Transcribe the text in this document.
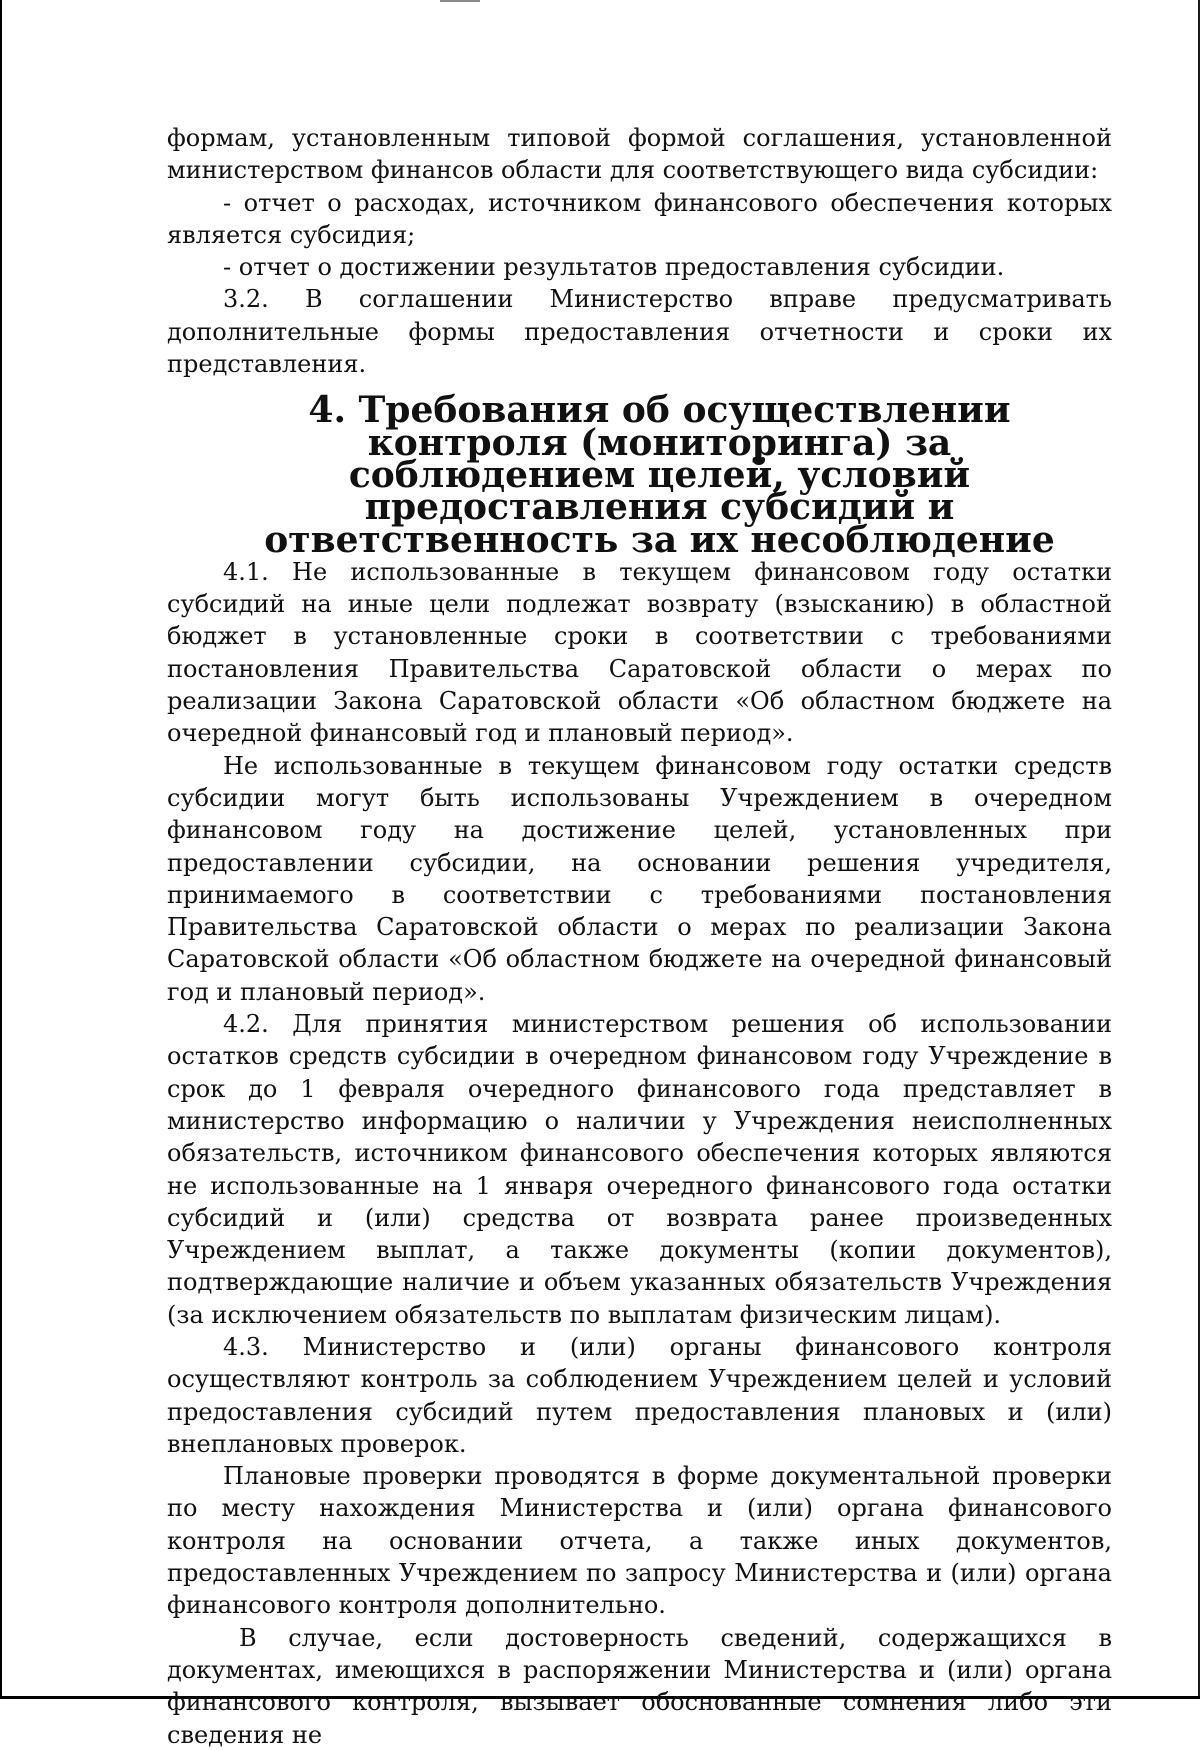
формам, установленным типовой формой соглашения, установленной министерством финансов области для соответствующего вида субсидии:

- отчет о расходах, источником финансового обеспечения которых является субсидия;

- отчет о достижении результатов предоставления субсидии.

3.2. В соглашении Министерство вправе предусматривать дополнительные формы предоставления отчетности и сроки их представления.

4. Требования об осуществлении контроля (мониторинга) за
соблюдением целей, условий предоставления субсидий и
ответственность за их несоблюдение

4.1. Не использованные в текущем финансовом году остатки субсидий на иные цели подлежат возврату (взысканию) в областной бюджет в установленные сроки в соответствии с требованиями постановления Правительства Саратовской области о мерах по реализации Закона Саратовской области «Об областном бюджете на очередной финансовый год и плановый период».

Не использованные в текущем финансовом году остатки средств субсидии могут быть использованы Учреждением в очередном финансовом году на достижение целей, установленных при предоставлении субсидии, на основании решения учредителя, принимаемого в соответствии с требованиями постановления Правительства Саратовской области о мерах по реализации Закона Саратовской области «Об областном бюджете на очередной финансовый год и плановый период».

4.2. Для принятия министерством решения об использовании остатков средств субсидии в очередном финансовом году Учреждение в срок до 1 февраля очередного финансового года представляет в министерство информацию о наличии у Учреждения неисполненных обязательств, источником финансового обеспечения которых являются не использованные на 1 января очередного финансового года остатки субсидий и (или) средства от возврата ранее произведенных Учреждением выплат, а также документы (копии документов), подтверждающие наличие и объем указанных обязательств Учреждения (за исключением обязательств по выплатам физическим лицам).

4.3. Министерство и (или) органы финансового контроля осуществляют контроль за соблюдением Учреждением целей и условий предоставления субсидий путем предоставления плановых и (или) внеплановых проверок.

Плановые проверки проводятся в форме документальной проверки по месту нахождения Министерства и (или) органа финансового контроля на основании отчета, а также иных документов, предоставленных Учреждением по запросу Министерства и (или) органа финансового контроля дополнительно.

В случае, если достоверность сведений, содержащихся в документах, имеющихся в распоряжении Министерства и (или) органа финансового контроля, вызывает обоснованные сомнения либо эти сведения не
